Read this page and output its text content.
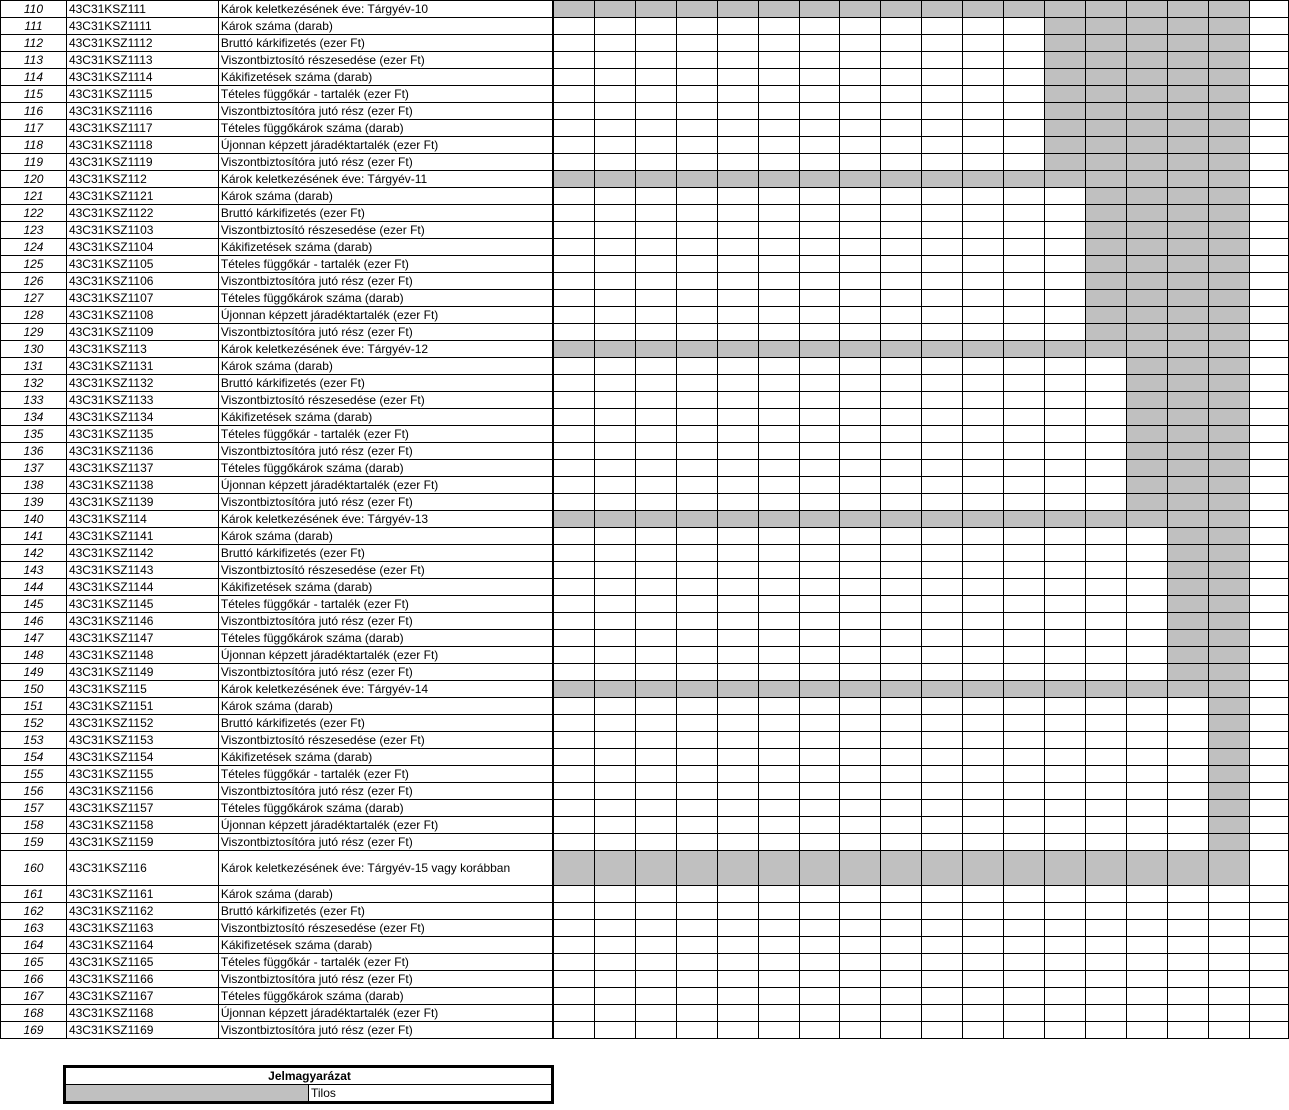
110	43C31KSZ111	Károk keletkezésének éve: Tárgyév-10																		
111	43C31KSZ1111	Károk száma (darab)																		
112	43C31KSZ1112	Bruttó kárkifizetés (ezer Ft)																		
113	43C31KSZ1113	Viszontbiztosító részesedése (ezer Ft)																		
114	43C31KSZ1114	Kákifizetések száma (darab)																		
115	43C31KSZ1115	Tételes függőkár - tartalék (ezer Ft)																		
116	43C31KSZ1116	Viszontbiztosítóra jutó rész (ezer Ft)																		
117	43C31KSZ1117	Tételes függőkárok száma (darab)																		
118	43C31KSZ1118	Újonnan képzett járadéktartalék (ezer Ft)																		
119	43C31KSZ1119	Viszontbiztosítóra jutó rész (ezer Ft)																		
120	43C31KSZ112	Károk keletkezésének éve: Tárgyév-11																		
121	43C31KSZ1121	Károk száma (darab)																		
122	43C31KSZ1122	Bruttó kárkifizetés (ezer Ft)																		
123	43C31KSZ1103	Viszontbiztosító részesedése (ezer Ft)																		
124	43C31KSZ1104	Kákifizetések száma (darab)																		
125	43C31KSZ1105	Tételes függőkár - tartalék (ezer Ft)																		
126	43C31KSZ1106	Viszontbiztosítóra jutó rész (ezer Ft)																		
127	43C31KSZ1107	Tételes függőkárok száma (darab)																		
128	43C31KSZ1108	Újonnan képzett járadéktartalék (ezer Ft)																		
129	43C31KSZ1109	Viszontbiztosítóra jutó rész (ezer Ft)																		
130	43C31KSZ113	Károk keletkezésének éve: Tárgyév-12																		
131	43C31KSZ1131	Károk száma (darab)																		
132	43C31KSZ1132	Bruttó kárkifizetés (ezer Ft)																		
133	43C31KSZ1133	Viszontbiztosító részesedése (ezer Ft)																		
134	43C31KSZ1134	Kákifizetések száma (darab)																		
135	43C31KSZ1135	Tételes függőkár - tartalék (ezer Ft)																		
136	43C31KSZ1136	Viszontbiztosítóra jutó rész (ezer Ft)																		
137	43C31KSZ1137	Tételes függőkárok száma (darab)																		
138	43C31KSZ1138	Újonnan képzett járadéktartalék (ezer Ft)																		
139	43C31KSZ1139	Viszontbiztosítóra jutó rész (ezer Ft)																		
140	43C31KSZ114	Károk keletkezésének éve: Tárgyév-13																		
141	43C31KSZ1141	Károk száma (darab)																		
142	43C31KSZ1142	Bruttó kárkifizetés (ezer Ft)																		
143	43C31KSZ1143	Viszontbiztosító részesedése (ezer Ft)																		
144	43C31KSZ1144	Kákifizetések száma (darab)																		
145	43C31KSZ1145	Tételes függőkár - tartalék (ezer Ft)																		
146	43C31KSZ1146	Viszontbiztosítóra jutó rész (ezer Ft)																		
147	43C31KSZ1147	Tételes függőkárok száma (darab)																		
148	43C31KSZ1148	Újonnan képzett járadéktartalék (ezer Ft)																		
149	43C31KSZ1149	Viszontbiztosítóra jutó rész (ezer Ft)																		
150	43C31KSZ115	Károk keletkezésének éve: Tárgyév-14																		
151	43C31KSZ1151	Károk száma (darab)																		
152	43C31KSZ1152	Bruttó kárkifizetés (ezer Ft)																		
153	43C31KSZ1153	Viszontbiztosító részesedése (ezer Ft)																		
154	43C31KSZ1154	Kákifizetések száma (darab)																		
155	43C31KSZ1155	Tételes függőkár - tartalék (ezer Ft)																		
156	43C31KSZ1156	Viszontbiztosítóra jutó rész (ezer Ft)																		
157	43C31KSZ1157	Tételes függőkárok száma (darab)																		
158	43C31KSZ1158	Újonnan képzett járadéktartalék (ezer Ft)																		
159	43C31KSZ1159	Viszontbiztosítóra jutó rész (ezer Ft)																		
160	43C31KSZ116	Károk keletkezésének éve: Tárgyév-15 vagy korábban																		
161	43C31KSZ1161	Károk száma (darab)																		
162	43C31KSZ1162	Bruttó kárkifizetés (ezer Ft)																		
163	43C31KSZ1163	Viszontbiztosító részesedése (ezer Ft)																		
164	43C31KSZ1164	Kákifizetések száma (darab)																		
165	43C31KSZ1165	Tételes függőkár - tartalék (ezer Ft)																		
166	43C31KSZ1166	Viszontbiztosítóra jutó rész (ezer Ft)																		
167	43C31KSZ1167	Tételes függőkárok száma (darab)																		
168	43C31KSZ1168	Újonnan képzett járadéktartalék (ezer Ft)																		
169	43C31KSZ1169	Viszontbiztosítóra jutó rész (ezer Ft)																		
Jelmagyarázat
	Tilos
